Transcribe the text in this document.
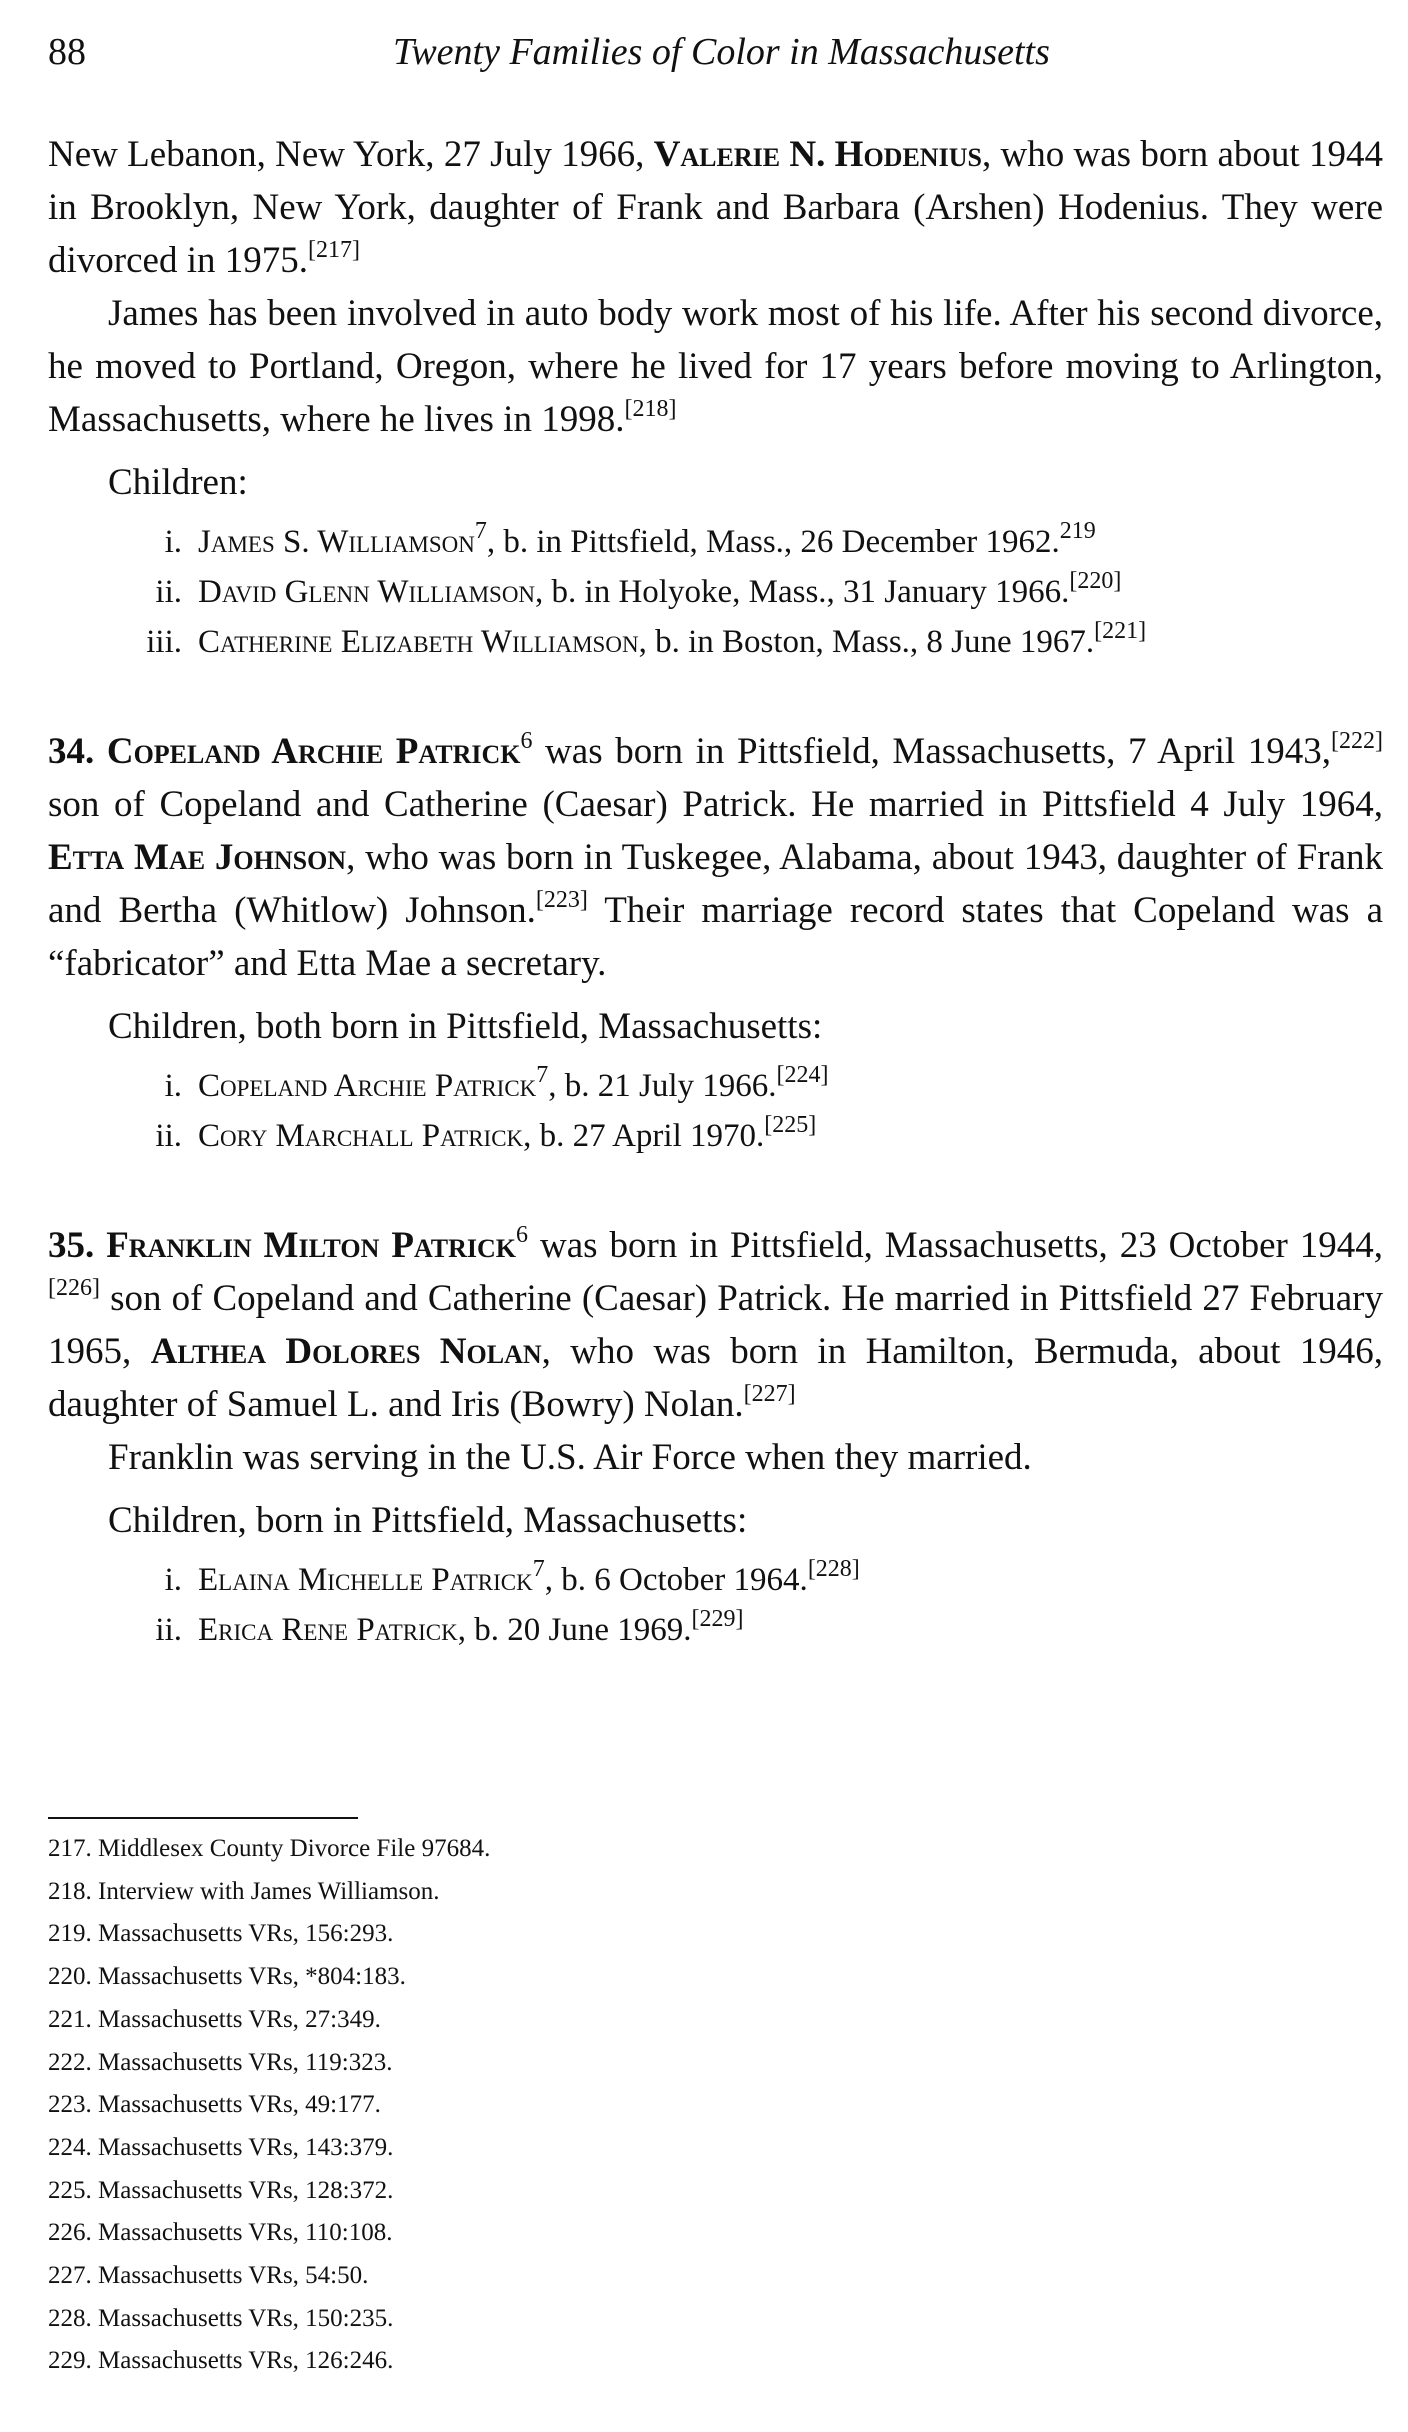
88	Twenty Families of Color in Massachusetts

New Lebanon, New York, 27 July 1966, Valerie N. Hodenius, who was born about 1944 in Brooklyn, New York, daughter of Frank and Barbara (Arshen) Hodenius. They were divorced in 1975.[217]

James has been involved in auto body work most of his life. After his second divorce, he moved to Portland, Oregon, where he lived for 17 years before moving to Arlington, Massachusetts, where he lives in 1998.[218]

Children:
i. James S. Williamson$^7$, b. in Pittsfield, Mass., 26 December 1962.$^{219}$
ii. David Glenn Williamson, b. in Holyoke, Mass., 31 January 1966.[220]
iii. Catherine Elizabeth Williamson, b. in Boston, Mass., 8 June 1967.[221]

34. Copeland Archie Patrick$^6$ was born in Pittsfield, Massachusetts, 7 April 1943,[222] son of Copeland and Catherine (Caesar) Patrick. He married in Pittsfield 4 July 1964, Etta Mae Johnson, who was born in Tuskegee, Alabama, about 1943, daughter of Frank and Bertha (Whitlow) Johnson.[223] Their marriage record states that Copeland was a “fabricator” and Etta Mae a secretary.

Children, both born in Pittsfield, Massachusetts:
i. Copeland Archie Patrick$^7$, b. 21 July 1966.[224]
ii. Cory Marchall Patrick, b. 27 April 1970.[225]

35. Franklin Milton Patrick$^6$ was born in Pittsfield, Massachusetts, 23 October 1944,[226] son of Copeland and Catherine (Caesar) Patrick. He married in Pittsfield 27 February 1965, Althea Dolores Nolan, who was born in Hamilton, Bermuda, about 1946, daughter of Samuel L. and Iris (Bowry) Nolan.[227]

Franklin was serving in the U.S. Air Force when they married.

Children, born in Pittsfield, Massachusetts:
i. Elaina Michelle Patrick$^7$, b. 6 October 1964.[228]
ii. Erica Rene Patrick, b. 20 June 1969.[229]
217. Middlesex County Divorce File 97684.
218. Interview with James Williamson.
219. Massachusetts VRs, 156:293.
220. Massachusetts VRs, *804:183.
221. Massachusetts VRs, 27:349.
222. Massachusetts VRs, 119:323.
223. Massachusetts VRs, 49:177.
224. Massachusetts VRs, 143:379.
225. Massachusetts VRs, 128:372.
226. Massachusetts VRs, 110:108.
227. Massachusetts VRs, 54:50.
228. Massachusetts VRs, 150:235.
229. Massachusetts VRs, 126:246.
